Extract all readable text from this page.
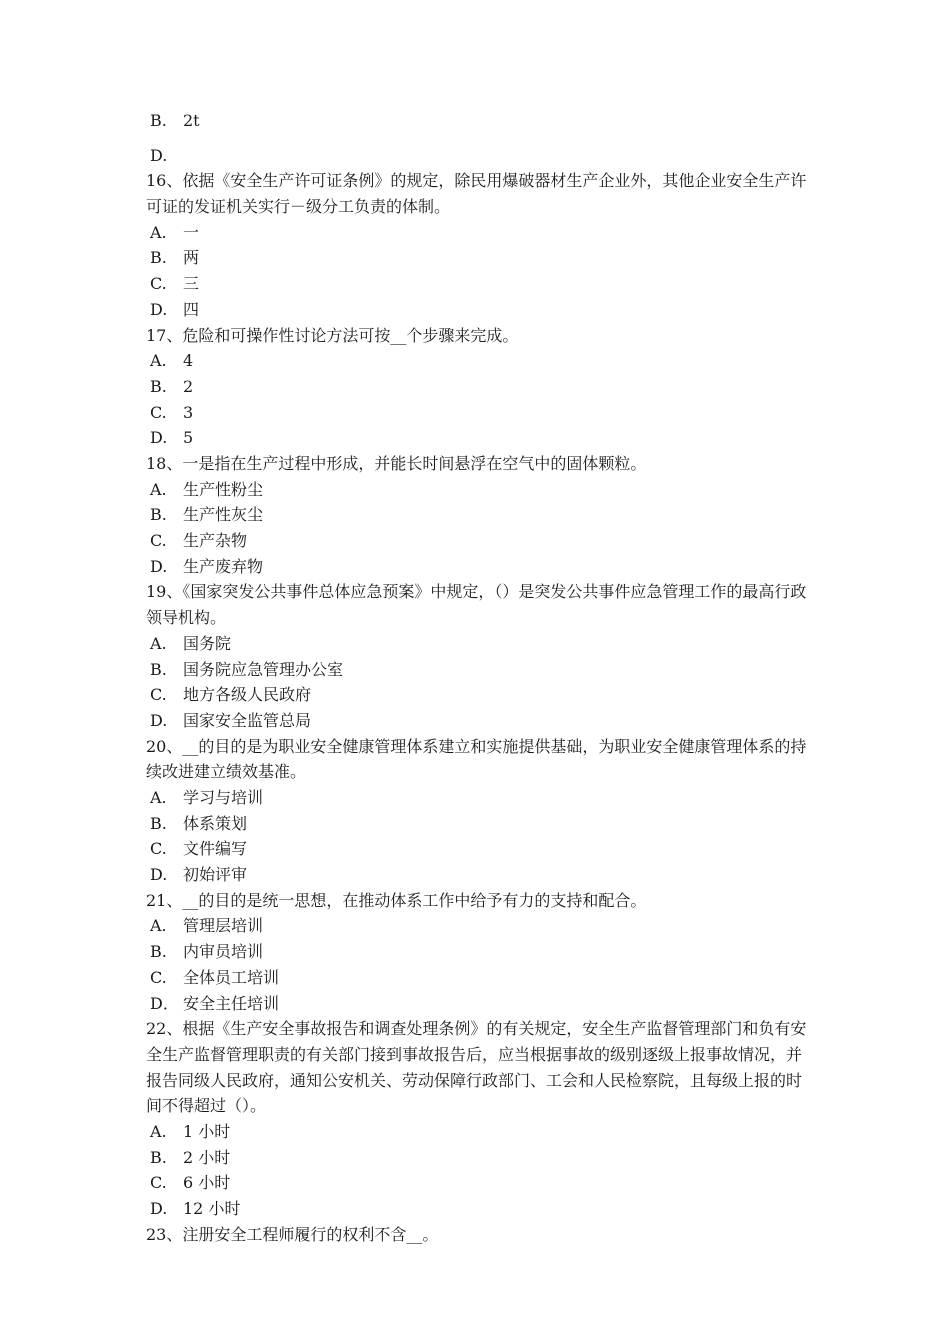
B. 2t
D.
16、依据《安全生产许可证条例》的规定，除民用爆破器材生产企业外，其他企业安全生产许可证的发证机关实行－级分工负责的体制。
A. 一
B. 两
C. 三
D. 四
17、危险和可操作性讨论方法可按__个步骤来完成。
A. 4
B. 2
C. 3
D. 5
18、一是指在生产过程中形成，并能长时间悬浮在空气中的固体颗粒。
A. 生产性粉尘
B. 生产性灰尘
C. 生产杂物
D. 生产废弃物
19、《国家突发公共事件总体应急预案》中规定，（）是突发公共事件应急管理工作的最高行政领导机构。
A. 国务院
B. 国务院应急管理办公室
C. 地方各级人民政府
D. 国家安全监管总局
20、__的目的是为职业安全健康管理体系建立和实施提供基础，为职业安全健康管理体系的持续改进建立绩效基准。
A. 学习与培训
B. 体系策划
C. 文件编写
D. 初始评审
21、__的目的是统一思想，在推动体系工作中给予有力的支持和配合。
A. 管理层培训
B. 内审员培训
C. 全体员工培训
D． 安全主任培训
22、根据《生产安全事故报告和调查处理条例》的有关规定，安全生产监督管理部门和负有安全生产监督管理职责的有关部门接到事故报告后，应当根据事故的级别逐级上报事故情况，并报告同级人民政府，通知公安机关、劳动保障行政部门、工会和人民检察院，且每级上报的时间不得超过（）。
A. 1 小时
B. 2 小时
C. 6 小时
D. 12 小时
23、注册安全工程师履行的权利不含__。
